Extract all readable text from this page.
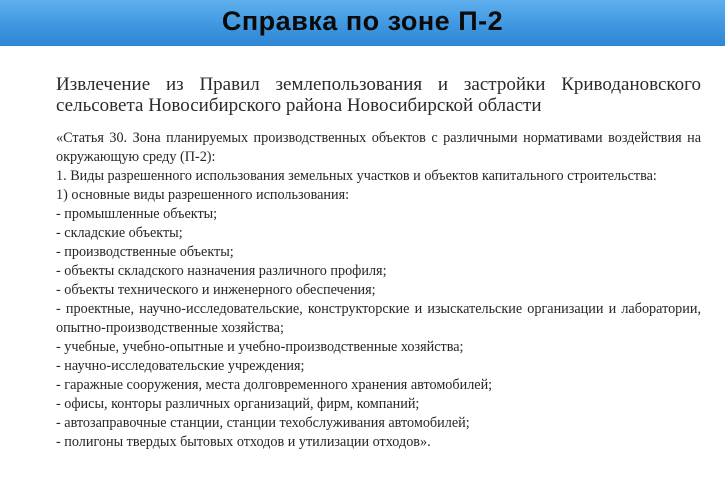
Справка по зоне П-2
Извлечение из Правил землепользования и застройки Криводановского сельсовета Новосибирского района Новосибирской области

«Статья 30. Зона планируемых производственных объектов с различными нормативами воздействия на окружающую среду (П-2):

1. Виды разрешенного использования земельных участков и объектов капитального строительства:

1) основные виды разрешенного использования:

- промышленные объекты;

- складские объекты;

- производственные объекты;

- объекты складского назначения различного профиля;

- объекты технического и инженерного обеспечения;

- проектные, научно-исследовательские, конструкторские и изыскательские организации и лаборатории, опытно-производственные хозяйства;

- учебные, учебно-опытные и учебно-производственные хозяйства;

- научно-исследовательские учреждения;

- гаражные сооружения, места долговременного хранения автомобилей;

- офисы, конторы различных организаций, фирм, компаний;

- автозаправочные станции, станции техобслуживания автомобилей;

- полигоны твердых бытовых отходов и утилизации отходов».
